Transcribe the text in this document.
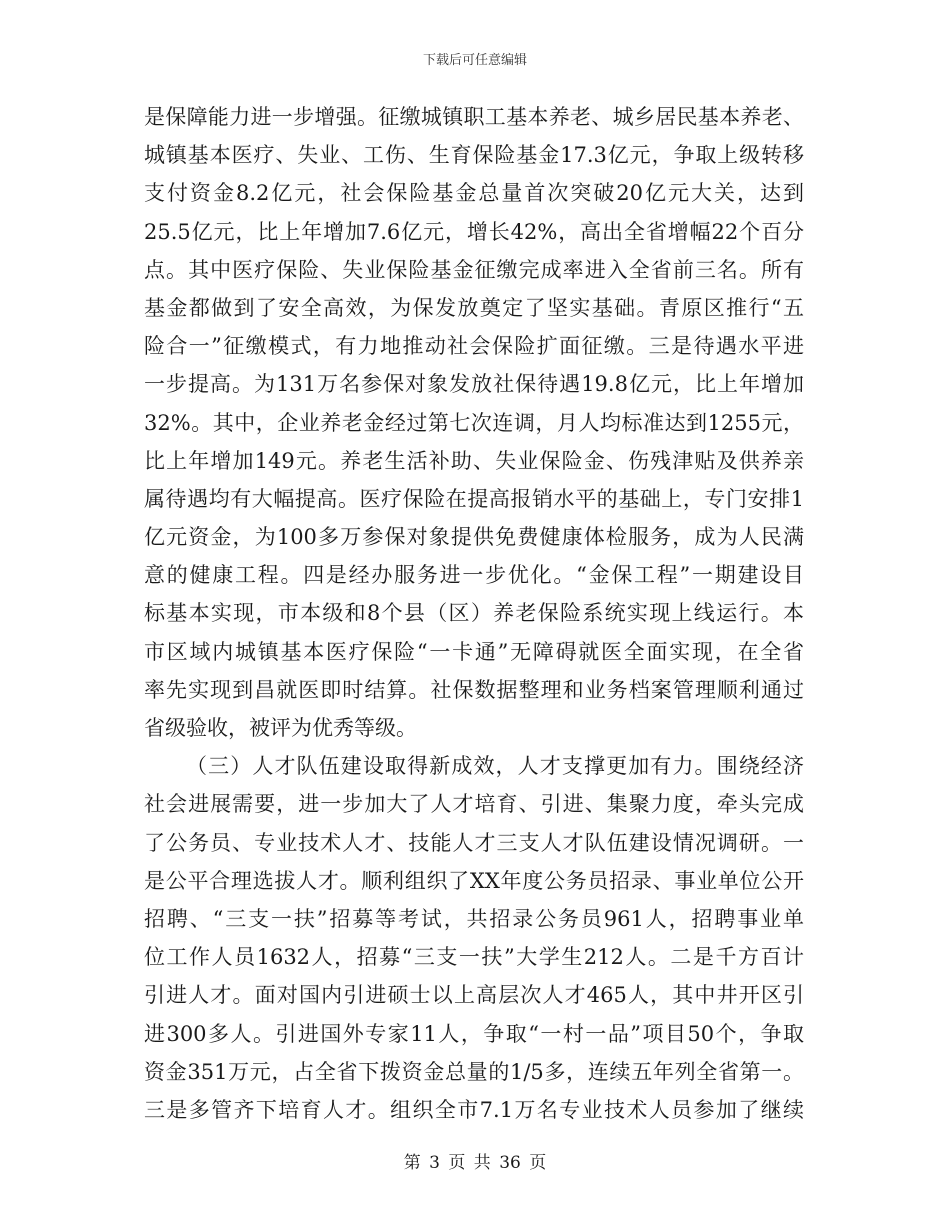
下载后可任意编辑
是保障能力进一步增强。征缴城镇职工基本养老、城乡居民基本养老、
城镇基本医疗、失业、工伤、生育保险基金17.3亿元，争取上级转移
支付资金8.2亿元，社会保险基金总量首次突破20亿元大关，达到
25.5亿元，比上年增加7.6亿元，增长42%，高出全省增幅22个百分
点。其中医疗保险、失业保险基金征缴完成率进入全省前三名。所有
基金都做到了安全高效，为保发放奠定了坚实基础。青原区推行“五
险合一”征缴模式，有力地推动社会保险扩面征缴。三是待遇水平进
一步提高。为131万名参保对象发放社保待遇19.8亿元，比上年增加
32%。其中，企业养老金经过第七次连调，月人均标准达到1255元，
比上年增加149元。养老生活补助、失业保险金、伤残津贴及供养亲
属待遇均有大幅提高。医疗保险在提高报销水平的基础上，专门安排1
亿元资金，为100多万参保对象提供免费健康体检服务，成为人民满
意的健康工程。四是经办服务进一步优化。“金保工程”一期建设目
标基本实现，市本级和8个县（区）养老保险系统实现上线运行。本
市区域内城镇基本医疗保险“一卡通”无障碍就医全面实现，在全省
率先实现到昌就医即时结算。社保数据整理和业务档案管理顺利通过
省级验收，被评为优秀等级。
（三）人才队伍建设取得新成效，人才支撑更加有力。围绕经济
社会进展需要，进一步加大了人才培育、引进、集聚力度，牵头完成
了公务员、专业技术人才、技能人才三支人才队伍建设情况调研。一
是公平合理选拔人才。顺利组织了XX年度公务员招录、事业单位公开
招聘、“三支一扶”招募等考试，共招录公务员961人，招聘事业单
位工作人员1632人，招募“三支一扶”大学生212人。二是千方百计
引进人才。面对国内引进硕士以上高层次人才465人，其中井开区引
进300多人。引进国外专家11人，争取“一村一品”项目50个，争取
资金351万元，占全省下拨资金总量的1/5多，连续五年列全省第一。
三是多管齐下培育人才。组织全市7.1万名专业技术人员参加了继续
第 3 页 共 36 页
